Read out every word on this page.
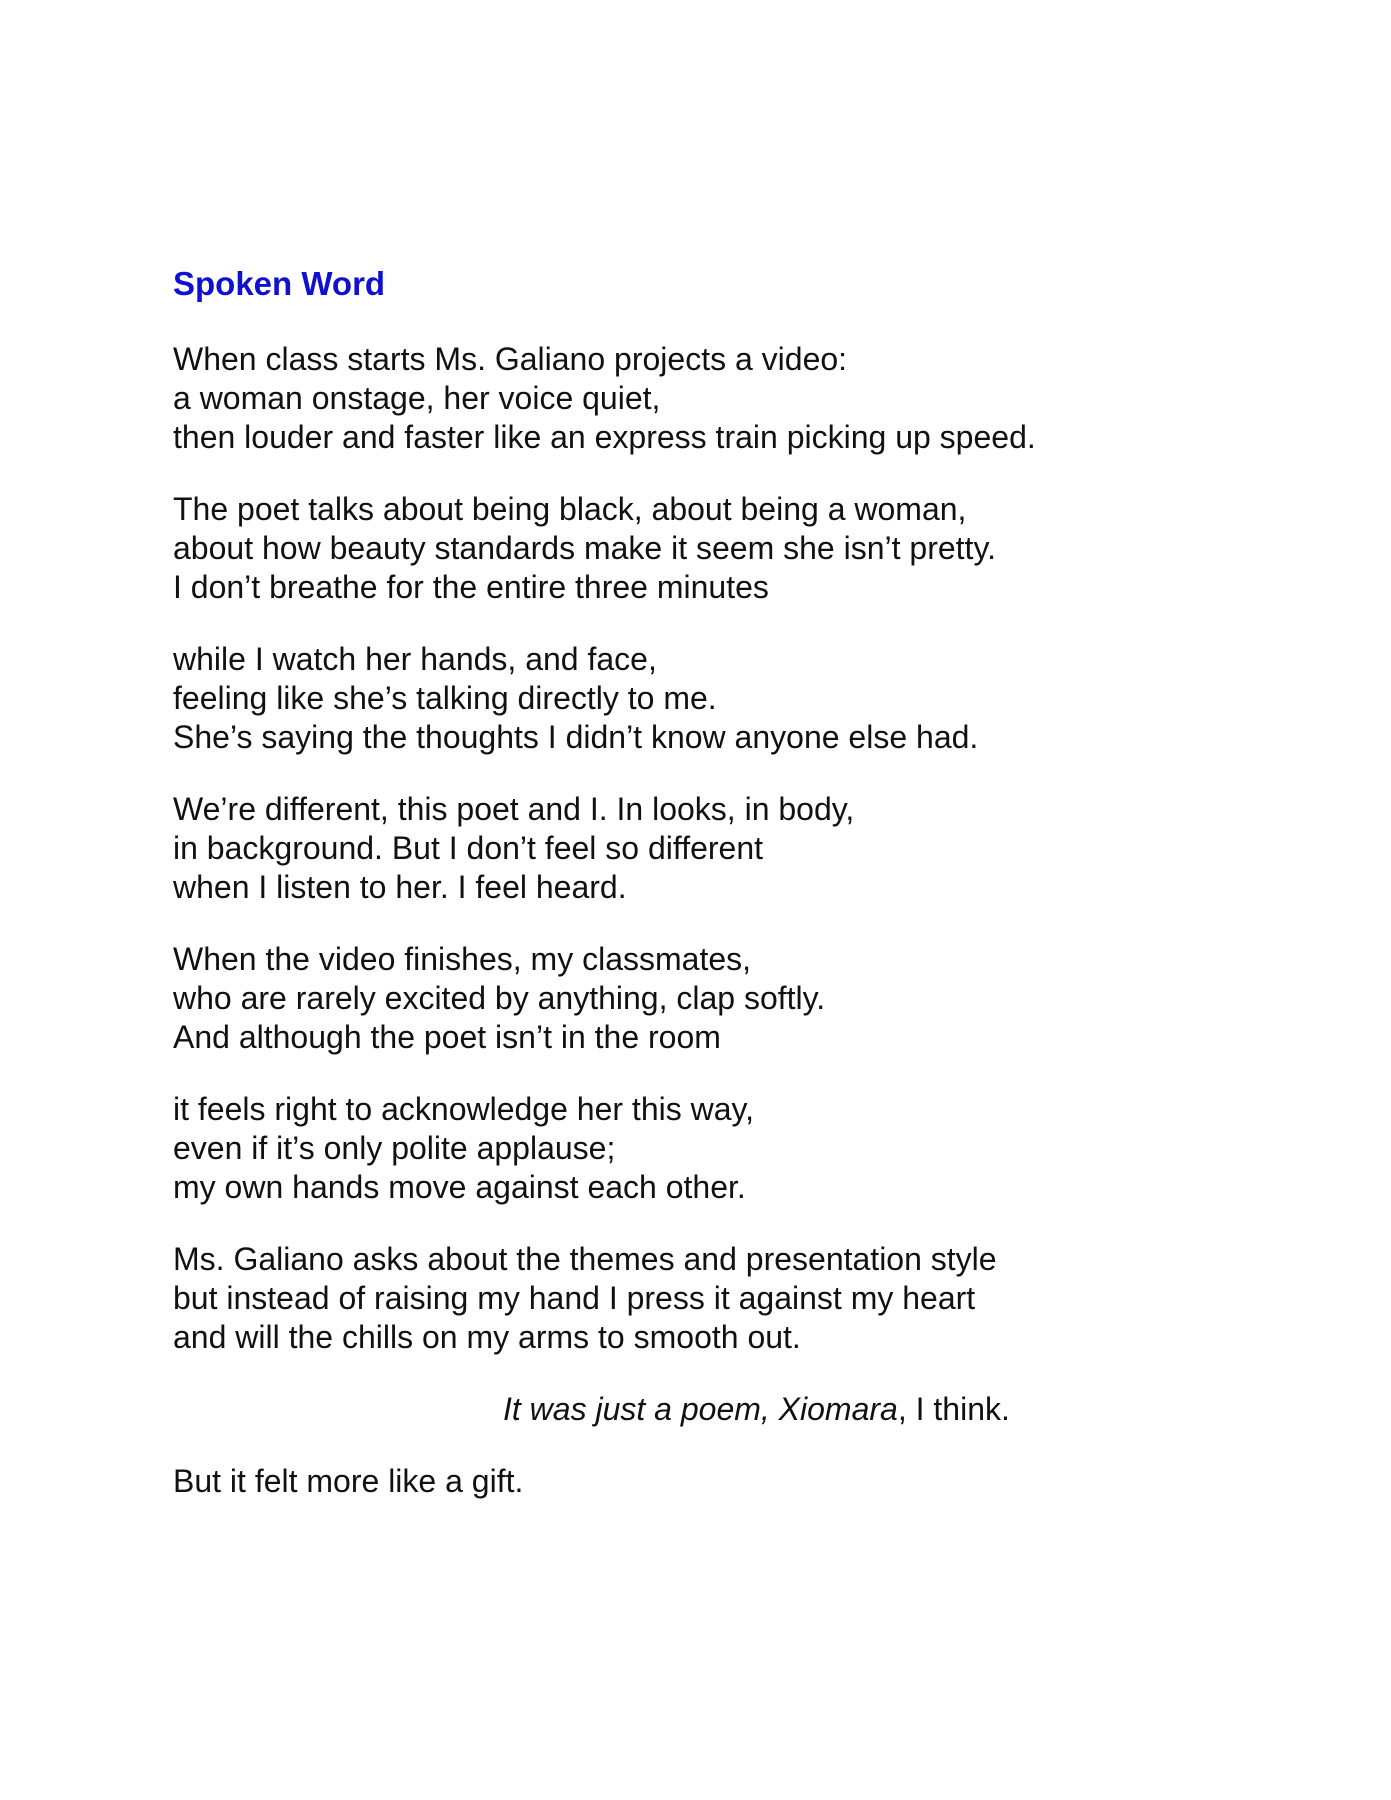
Spoken Word

When class starts Ms. Galiano projects a video:
a woman onstage, her voice quiet,
then louder and faster like an express train picking up speed.

The poet talks about being black, about being a woman,
about how beauty standards make it seem she isn’t pretty.
I don’t breathe for the entire three minutes

while I watch her hands, and face,
feeling like she’s talking directly to me.
She’s saying the thoughts I didn’t know anyone else had.

We’re different, this poet and I. In looks, in body,
in background. But I don’t feel so different
when I listen to her. I feel heard.

When the video finishes, my classmates,
who are rarely excited by anything, clap softly.
And although the poet isn’t in the room

it feels right to acknowledge her this way,
even if it’s only polite applause;
my own hands move against each other.

Ms. Galiano asks about the themes and presentation style
but instead of raising my hand I press it against my heart
and will the chills on my arms to smooth out.

It was just a poem, Xiomara, I think.

But it felt more like a gift.
